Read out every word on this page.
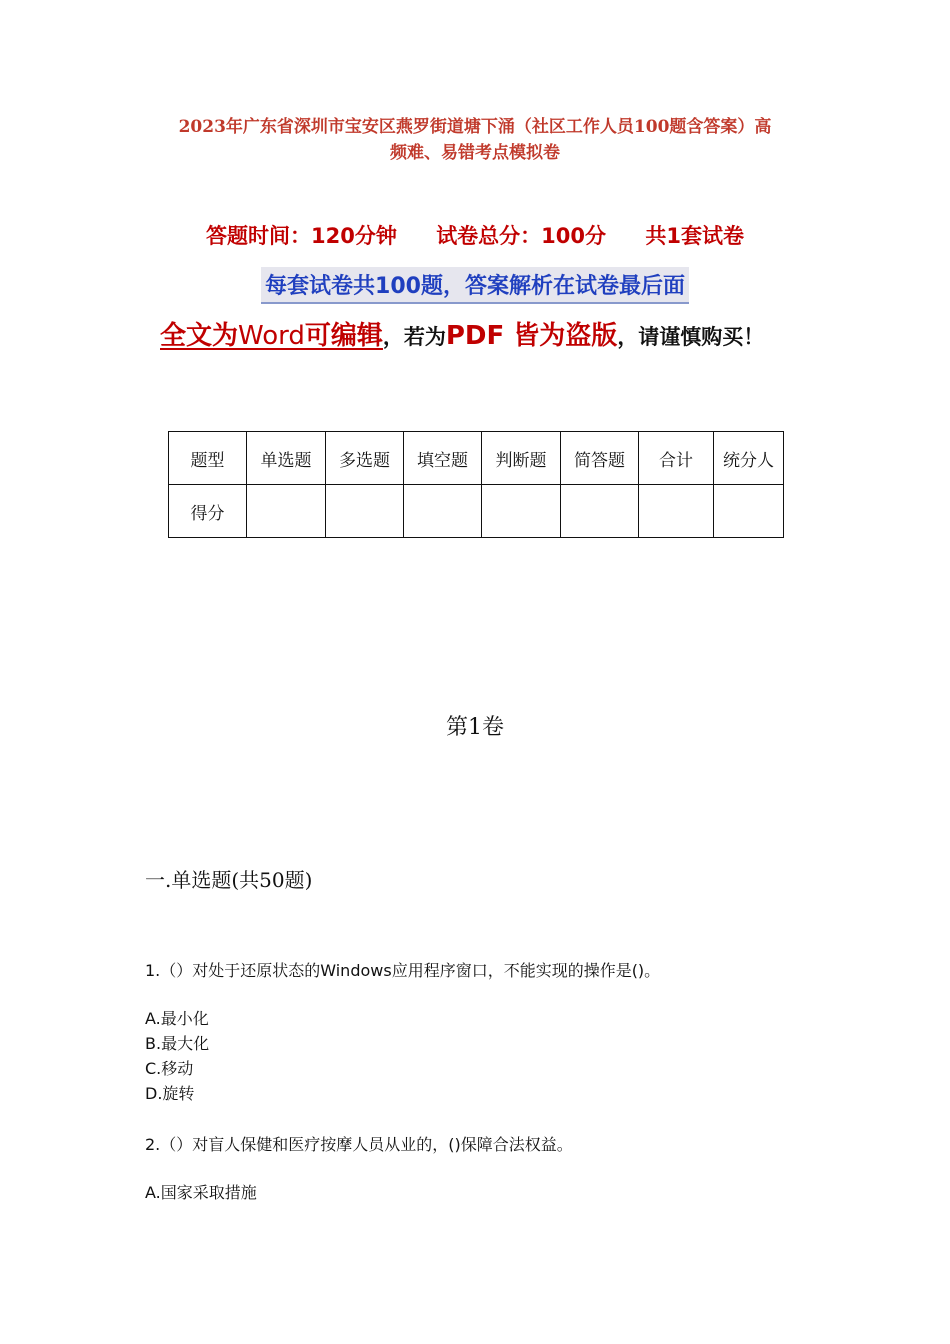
2023年广东省深圳市宝安区燕罗街道塘下涌（社区工作人员100题含答案）高
频难、易错考点模拟卷
答题时间：120分钟 试卷总分：100分 共1套试卷
每套试卷共100题，答案解析在试卷最后面
全文为Word可编辑，若为PDF 皆为盗版，请谨慎购买！
题型	单选题	多选题	填空题	判断题	简答题	合计	统分人
得分							
第1卷
一.单选题(共50题)
1.（）对处于还原状态的Windows应用程序窗口，不能实现的操作是()。
A.最小化
B.最大化
C.移动
D.旋转
2.（）对盲人保健和医疗按摩人员从业的，()保障合法权益。
A.国家采取措施
